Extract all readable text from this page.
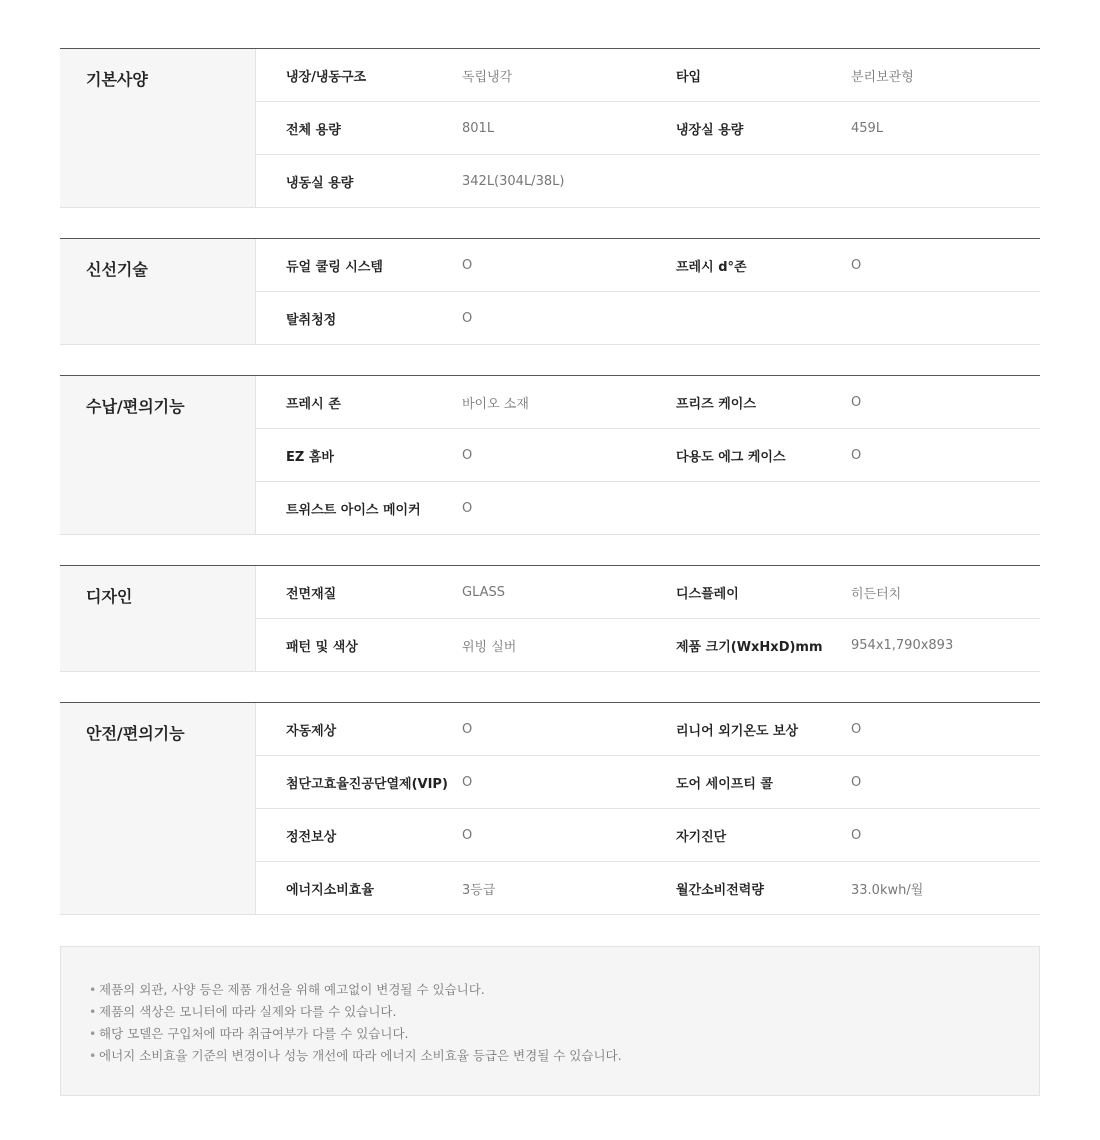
기본사양	냉장/냉동구조	독립냉각	타입	분리보관형
전체 용량	801L	냉장실 용량	459L
냉동실 용량	342L(304L/38L)
신선기술	듀얼 쿨링 시스템	O	프레시 d°존	O
탈취청정	O
수납/편의기능	프레시 존	바이오 소재	프리즈 케이스	O
EZ 홈바	O	다용도 에그 케이스	O
트위스트 아이스 메이커	O
디자인	전면재질	GLASS	디스플레이	히든터치
패턴 및 색상	위빙 실버	제품 크기(WxHxD)mm	954x1,790x893
안전/편의기능	자동제상	O	리니어 외기온도 보상	O
첨단고효율진공단열제(VIP)	O	도어 세이프티 콜	O
정전보상	O	자기진단	O
에너지소비효율	3등급	월간소비전력량	33.0kwh/월
• 제품의 외관, 사양 등은 제품 개선을 위해 예고없이 변경될 수 있습니다.
• 제품의 색상은 모니터에 따라 실제와 다를 수 있습니다.
• 해당 모델은 구입처에 따라 취급여부가 다를 수 있습니다.
• 에너지 소비효율 기준의 변경이나 성능 개선에 따라 에너지 소비효율 등급은 변경될 수 있습니다.
